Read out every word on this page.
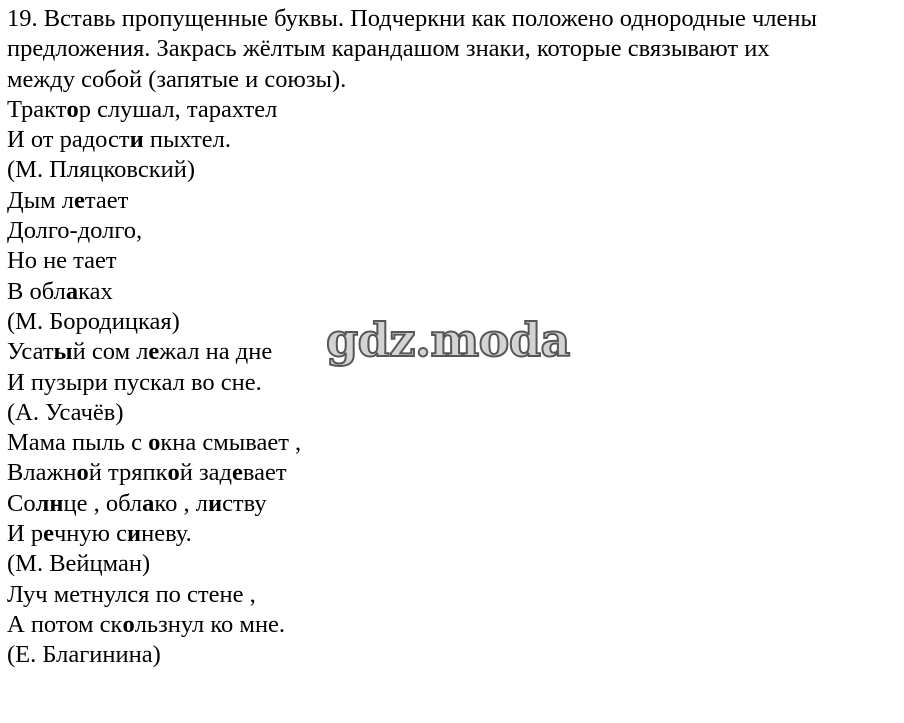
19. Вставь пропущенные буквы. Подчеркни как положено однородные члены
предложения. Закрась жёлтым карандашом знаки, которые связывают их
между собой (запятые и союзы).
Трактор слушал, тарахтел
И от радости пыхтел.
(М. Пляцковский)
Дым летает
Долго-долго,
Но не тает
В облаках
(М. Бородицкая)
Усатый сом лежал на дне
И пузыри пускал во сне.
(А. Усачёв)
Мама пыль с окна смывает ,
Влажной тряпкой задевает
Солнце , облако , листву
И речную синеву.
(М. Вейцман)
Луч метнулся по стене ,
А потом скользнул ко мне.
(Е. Благинина)
gdz.moda
